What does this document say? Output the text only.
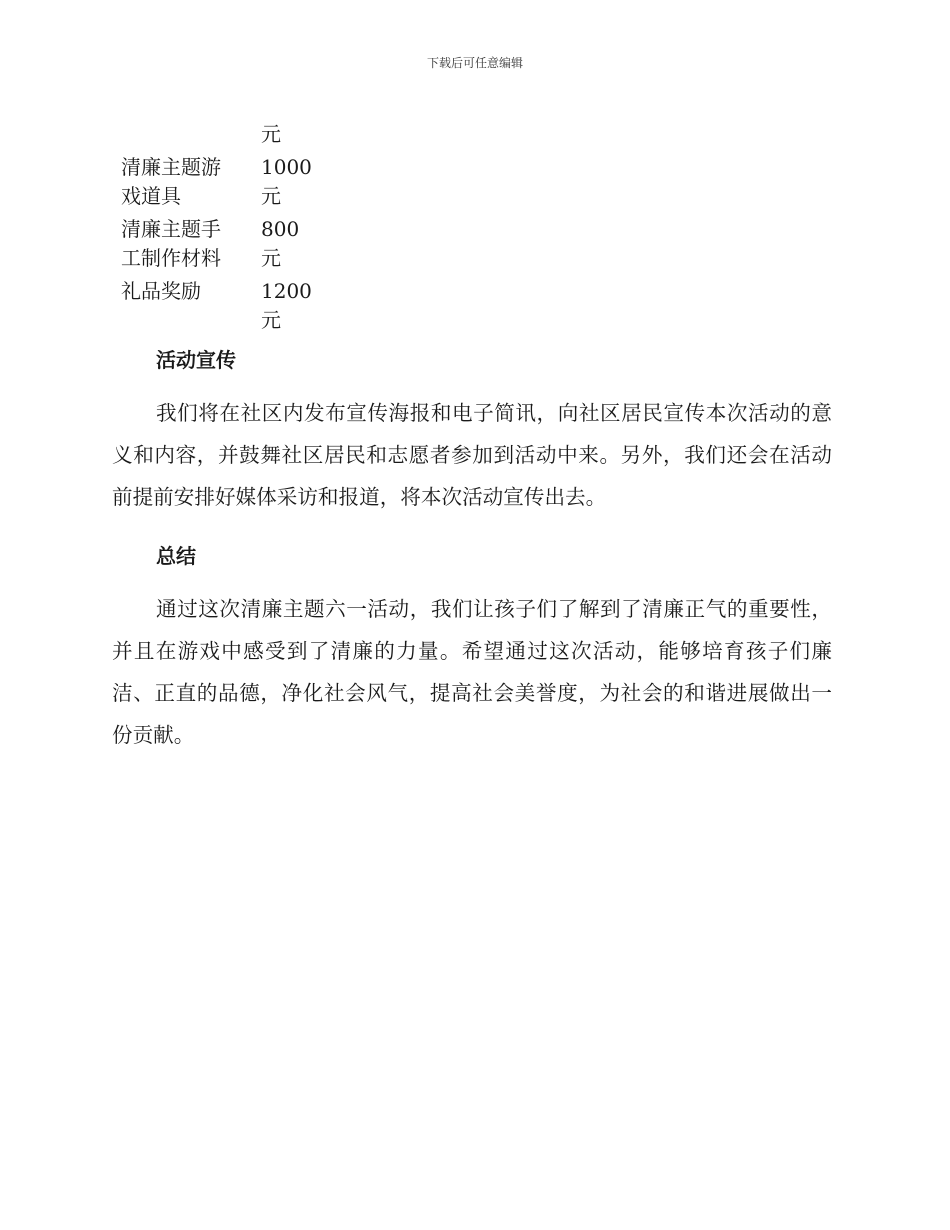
下载后可任意编辑

	元

清廉主题游
戏道具	1000
元

清廉主题手
工制作材料	800
元

礼品奖励	1200
元
活动宣传

我们将在社区内发布宣传海报和电子简讯，向社区居民宣传本次活动的意义和内容，并鼓舞社区居民和志愿者参加到活动中来。另外，我们还会在活动前提前安排好媒体采访和报道，将本次活动宣传出去。

总结

通过这次清廉主题六一活动，我们让孩子们了解到了清廉正气的重要性，并且在游戏中感受到了清廉的力量。希望通过这次活动，能够培育孩子们廉洁、正直的品德，净化社会风气，提高社会美誉度，为社会的和谐进展做出一份贡献。
